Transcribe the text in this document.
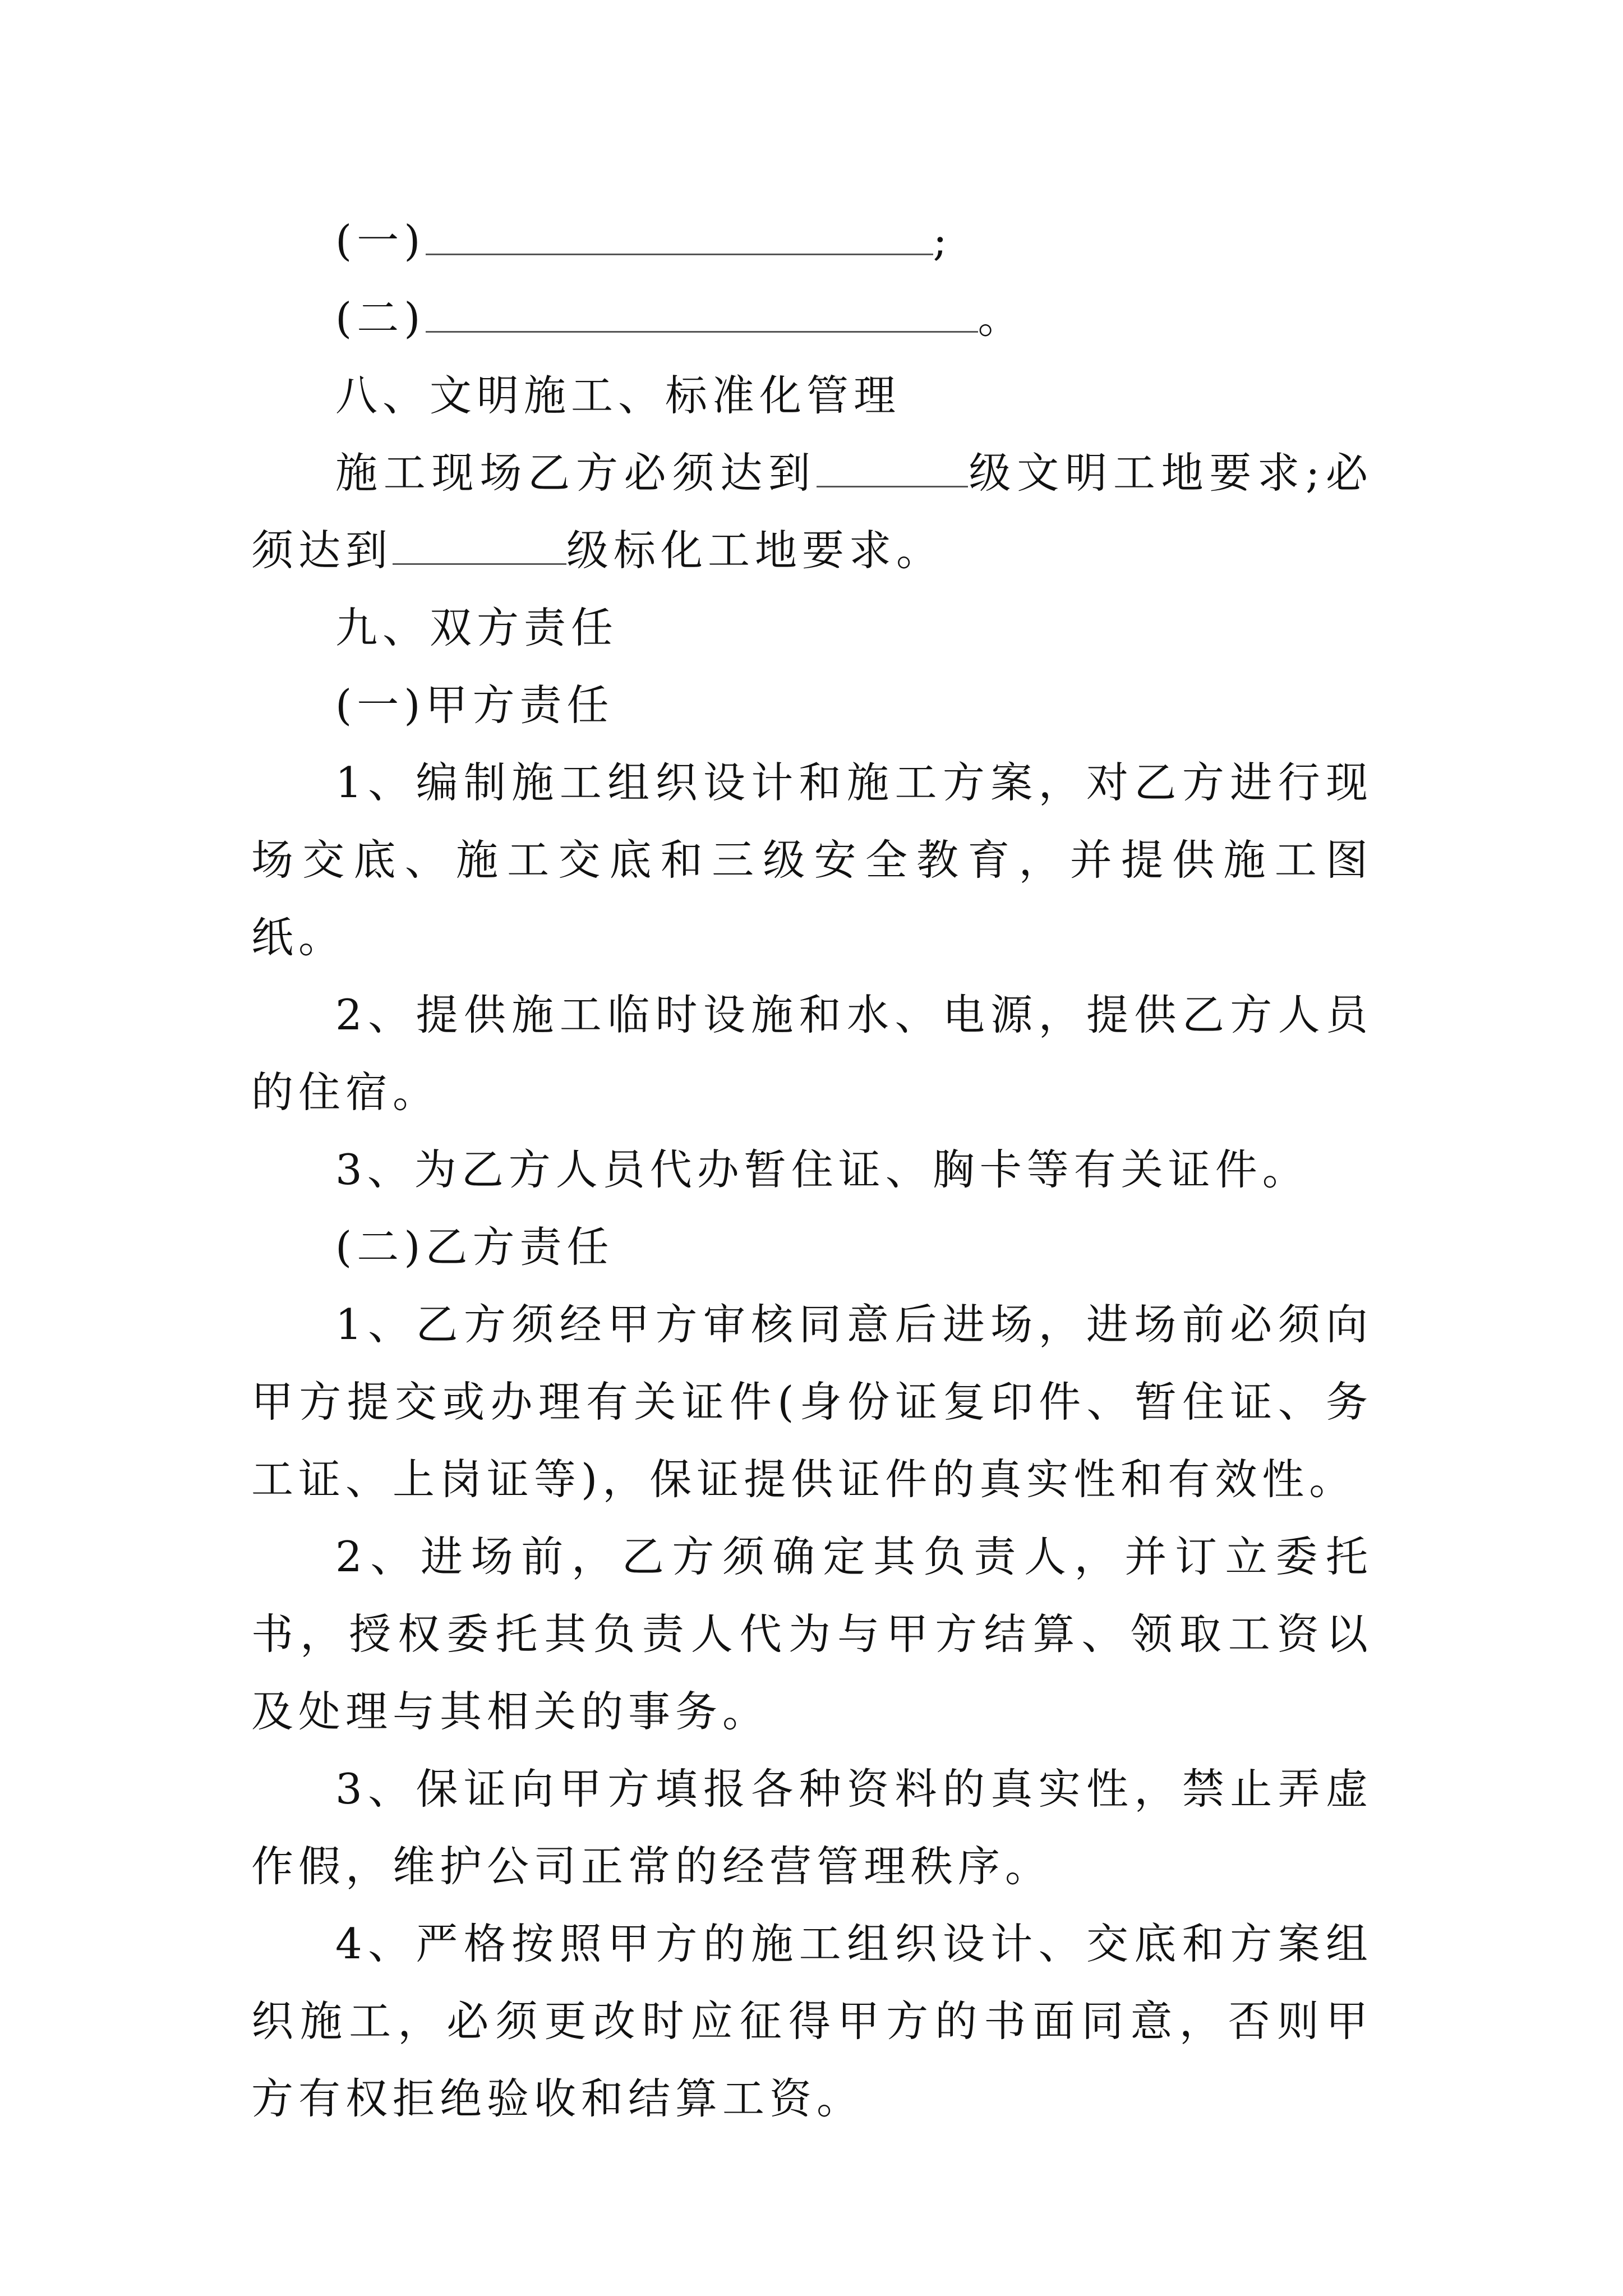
(一)	;

(二)	。

八、文明施工、标准化管理

施工现场乙方必须达到	级文明工地要求;必须达到	级标化工地要求。

九、双方责任

(一)甲方责任

1、编制施工组织设计和施工方案，对乙方进行现场交底、施工交底和三级安全教育，并提供施工图纸。

2、提供施工临时设施和水、电源，提供乙方人员的住宿。

3、为乙方人员代办暂住证、胸卡等有关证件。

(二)乙方责任

1、乙方须经甲方审核同意后进场，进场前必须向甲方提交或办理有关证件(身份证复印件、暂住证、务工证、上岗证等)，保证提供证件的真实性和有效性。

2、进场前，乙方须确定其负责人，并订立委托书，授权委托其负责人代为与甲方结算、领取工资以及处理与其相关的事务。

3、保证向甲方填报各种资料的真实性，禁止弄虚作假，维护公司正常的经营管理秩序。

4、严格按照甲方的施工组织设计、交底和方案组织施工，必须更改时应征得甲方的书面同意，否则甲方有权拒绝验收和结算工资。
